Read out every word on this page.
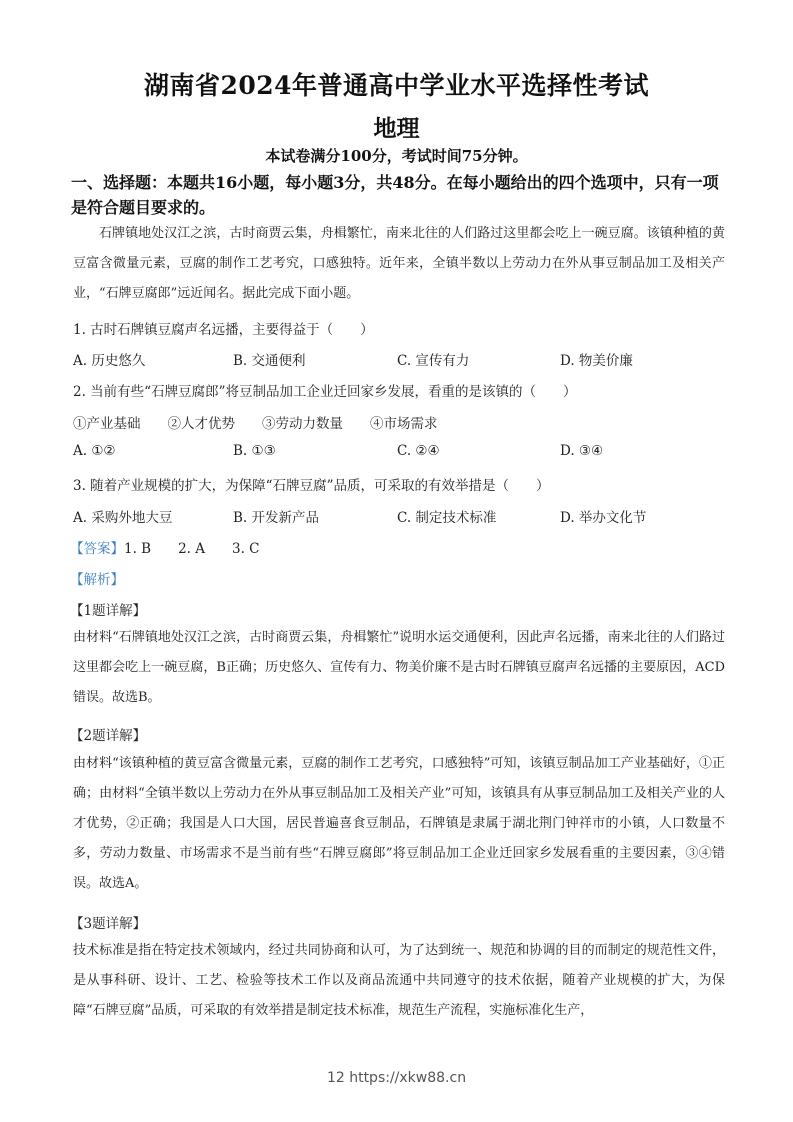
湖南省2024年普通高中学业水平选择性考试
地理
本试卷满分100分，考试时间75分钟。
一、选择题：本题共16小题，每小题3分，共48分。在每小题给出的四个选项中，只有一项是符合题目要求的。
石牌镇地处汉江之滨，古时商贾云集，舟楫繁忙，南来北往的人们路过这里都会吃上一碗豆腐。该镇种植的黄豆富含微量元素，豆腐的制作工艺考究，口感独特。近年来，全镇半数以上劳动力在外从事豆制品加工及相关产业，“石牌豆腐郎”远近闻名。据此完成下面小题。
1. 古时石牌镇豆腐声名远播，主要得益于（　　）
A. 历史悠久	B. 交通便利	C. 宣传有力	D. 物美价廉
2. 当前有些“石牌豆腐郎”将豆制品加工企业迁回家乡发展，看重的是该镇的（　　）
①产业基础　　②人才优势　　③劳动力数量　　④市场需求
A. ①②	B. ①③	C. ②④	D. ③④
3. 随着产业规模的扩大，为保障“石牌豆腐”品质，可采取的有效举措是（　　）
A. 采购外地大豆	B. 开发新产品	C. 制定技术标准	D. 举办文化节
【答案】1. B　　2. A　　3. C
【解析】
【1题详解】
由材料“石牌镇地处汉江之滨，古时商贾云集，舟楫繁忙”说明水运交通便利，因此声名远播，南来北往的人们路过这里都会吃上一碗豆腐，B正确；历史悠久、宣传有力、物美价廉不是古时石牌镇豆腐声名远播的主要原因，ACD错误。故选B。
【2题详解】
由材料“该镇种植的黄豆富含微量元素，豆腐的制作工艺考究，口感独特”可知，该镇豆制品加工产业基础好，①正确；由材料“全镇半数以上劳动力在外从事豆制品加工及相关产业”可知，该镇具有从事豆制品加工及相关产业的人才优势，②正确；我国是人口大国，居民普遍喜食豆制品，石牌镇是隶属于湖北荆门钟祥市的小镇，人口数量不多，劳动力数量、市场需求不是当前有些“石牌豆腐郎”将豆制品加工企业迁回家乡发展看重的主要因素，③④错误。故选A。
【3题详解】
技术标准是指在特定技术领域内，经过共同协商和认可，为了达到统一、规范和协调的目的而制定的规范性文件，是从事科研、设计、工艺、检验等技术工作以及商品流通中共同遵守的技术依据，随着产业规模的扩大，为保障“石牌豆腐”品质，可采取的有效举措是制定技术标准，规范生产流程，实施标准化生产，
12 https://xkw88.cn
